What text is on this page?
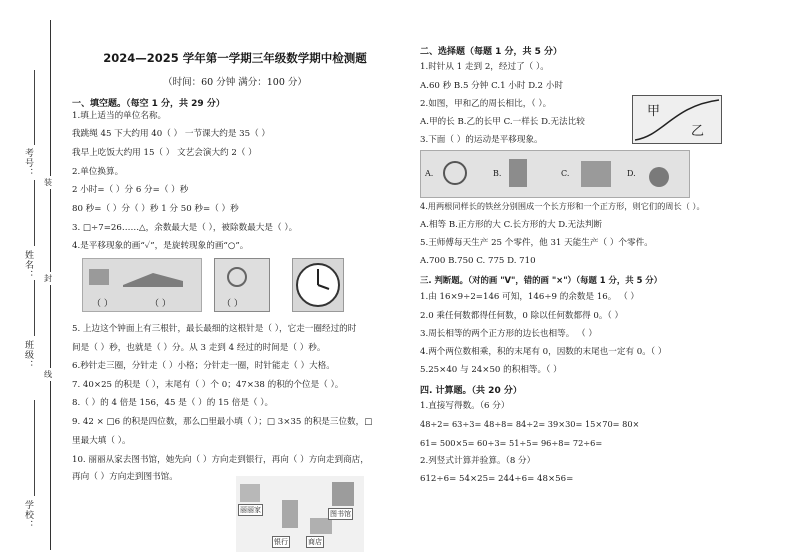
考号：
姓名：
班级：
学校：
装
封
线
2024—2025 学年第一学期三年级数学期中检测题
（时间：60 分钟 满分：100 分）
一、填空题。（每空 1 分，共 29 分）
1.填上适当的单位名称。
我跳绳 45 下大约用 40（ ） 一节课大约是 35（ ）
我早上吃饭大约用 15（ ） 文艺会演大约 2（ ）
2.单位换算。
2 小时=（ ）分 6 分=（ ）秒
80 秒=（ ）分（ ）秒 1 分 50 秒=（ ）秒
3. □÷7=26……△，余数最大是（ ），被除数最大是（ ）。
4.是平移现象的画“✓”，是旋转现象的画“○”。
（ ）	（ ）	（ ）
5. 上边这个钟面上有三根针，最长最细的这根针是（ ），它走一圈经过的时
间是（ ）秒，也就是（ ）分。从 3 走到 4 经过的时间是（ ）秒。
6.秒针走三圈，分针走（ ）小格；分针走一圈，时针能走（ ）大格。
7. 40×25 的积是（ ），末尾有（ ）个 0；47×38 的积的个位是（ ）。
8.（ ）的 4 倍是 156，45 是（ ）的 15 倍是（ ）。
9. 42 × □6 的积是四位数，那么□里最小填（ ）；□ 3×35 的积是三位数，□
里最大填（ ）。
10. 丽丽从家去图书馆，她先向（ ）方向走到银行，再向（ ）方向走到商店，
再向（ ）方向走到图书馆。
丽丽家
银行	商店
图书馆
二、选择题（每题 1 分，共 5 分）
1.时针从 1 走到 2，经过了（ ）。
A.60 秒 B.5 分钟 C.1 小时 D.2 小时
2.如图，甲和乙的周长相比，（ ）。
A.甲的长 B.乙的长甲 C.一样长 D.无法比较
3.下面（ ）的运动是平移现象。
甲
乙
A.	B.	C.	D.
4.用两根同样长的铁丝分别围成一个长方形和一个正方形，则它们的周长（ ）。
A.相等 B.正方形的大 C.长方形的大 D.无法判断
5.王师傅每天生产 25 个零件，他 31 天能生产（ ）个零件。
A.700 B.750 C. 775 D. 710
三. 判断题。（对的画 "V"，错的画 "×"）（每题 1 分，共 5 分）
1.由 16×9÷2=146 可知，146÷9 的余数是 16。 （ ）
2.0 乘任何数都得任何数，0 除以任何数都得 0。（ ）
3.周长相等的两个正方形的边长也相等。 （ ）
4.两个两位数相乘，积的末尾有 0，因数的末尾也一定有 0。（ ）
5.25×40 与 24×50 的积相等。（ ）
四. 计算题。（共 20 分）
1.直接写得数。（6 分）
48÷2= 63÷3= 48÷8= 84÷2= 39×30= 15×70= 80×
61= 500×5= 60÷3= 51÷5= 96÷8= 72÷6=
2.列竖式计算并验算。（8 分）
612÷6= 54×25= 244÷6= 48×56=
